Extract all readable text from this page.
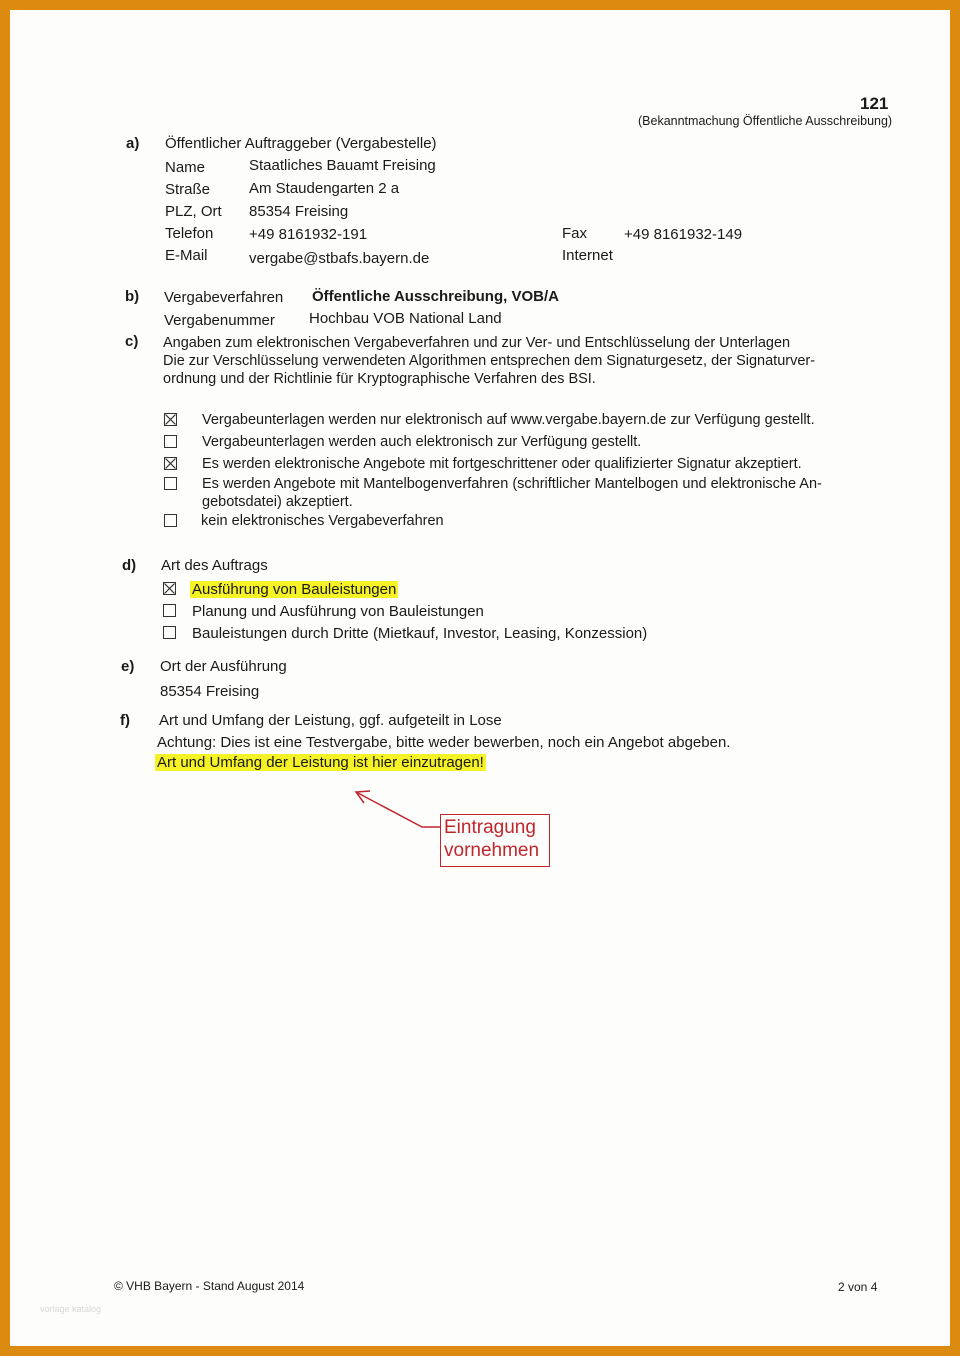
121
(Bekanntmachung Öffentliche Ausschreibung)
a) Öffentlicher Auftraggeber (Vergabestelle)
Name	Staatliches Bauamt Freising
Straße	Am Staudengarten 2 a
PLZ, Ort 85354 Freising
Telefon +49 8161932-191	Fax +49 8161932-149
E-Mail	vergabe@stbafs.bayern.de	Internet
b) Vergabeverfahren Öffentliche Ausschreibung, VOB/A
Vergabenummer Hochbau VOB National Land
c) Angaben zum elektronischen Vergabeverfahren und zur Ver- und Entschlüsselung der Unterlagen
Die zur Verschlüsselung verwendeten Algorithmen entsprechen dem Signaturgesetz, der Signaturver-
ordnung und der Richtlinie für Kryptographische Verfahren des BSI.
Vergabeunterlagen werden nur elektronisch auf www.vergabe.bayern.de zur Verfügung gestellt.
Vergabeunterlagen werden auch elektronisch zur Verfügung gestellt.
Es werden elektronische Angebote mit fortgeschrittener oder qualifizierter Signatur akzeptiert.
Es werden Angebote mit Mantelbogenverfahren (schriftlicher Mantelbogen und elektronische An-
gebotsdatei) akzeptiert.
kein elektronisches Vergabeverfahren
d) Art des Auftrags
Ausführung von Bauleistungen
Planung und Ausführung von Bauleistungen
Bauleistungen durch Dritte (Mietkauf, Investor, Leasing, Konzession)
e) Ort der Ausführung
85354 Freising
f) Art und Umfang der Leistung, ggf. aufgeteilt in Lose
Achtung: Dies ist eine Testvergabe, bitte weder bewerben, noch ein Angebot abgeben.
Art und Umfang der Leistung ist hier einzutragen!
Eintragung
vornehmen
© VHB Bayern - Stand August 2014	2 von 4
vorlage katalog
